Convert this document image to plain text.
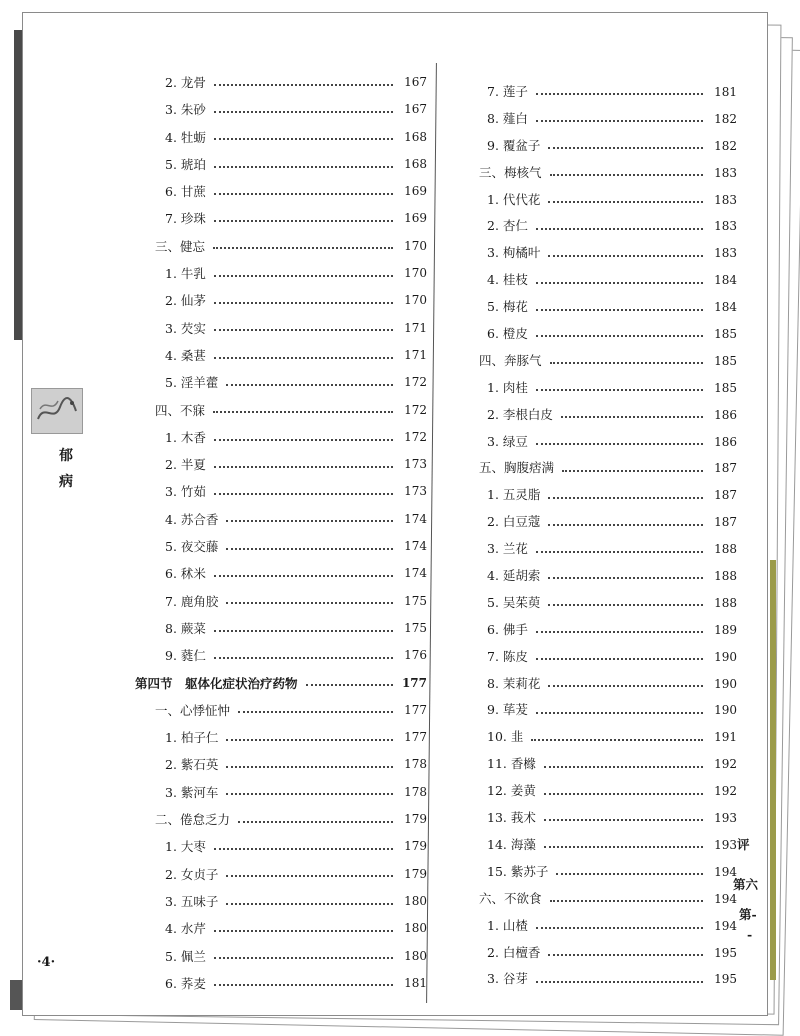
郁
病
·4·
2. 龙骨	167
3. 朱砂	167
4. 牡蛎	168
5. 琥珀	168
6. 甘蔗	169
7. 珍珠	169
三、健忘	170
1. 牛乳	170
2. 仙茅	170
3. 芡实	171
4. 桑葚	171
5. 淫羊藿	172
四、不寐	172
1. 木香	172
2. 半夏	173
3. 竹茹	173
4. 苏合香	174
5. 夜交藤	174
6. 秫米	174
7. 鹿角胶	175
8. 蕨菜	175
9. 蕤仁	176
第四节　躯体化症状治疗药物	177
一、心悸怔忡	177
1. 柏子仁	177
2. 紫石英	178
3. 紫河车	178
二、倦怠乏力	179
1. 大枣	179
2. 女贞子	179
3. 五味子	180
4. 水芹	180
5. 佩兰	180
6. 荞麦	181
7. 莲子	181
8. 薤白	182
9. 覆盆子	182
三、梅核气	183
1. 代代花	183
2. 杏仁	183
3. 枸橘叶	183
4. 桂枝	184
5. 梅花	184
6. 橙皮	185
四、奔豚气	185
1. 肉桂	185
2. 李根白皮	186
3. 绿豆	186
五、胸腹痞满	187
1. 五灵脂	187
2. 白豆蔻	187
3. 兰花	188
4. 延胡索	188
5. 吴茱萸	188
6. 佛手	189
7. 陈皮	190
8. 茉莉花	190
9. 荜茇	190
10. 韭	191
11. 香橼	192
12. 姜黄	192
13. 莪术	193
14. 海藻	193
15. 紫苏子	194
六、不欲食	194
1. 山楂	194
2. 白檀香	195
3. 谷芽	195
评
第六
第-
-
